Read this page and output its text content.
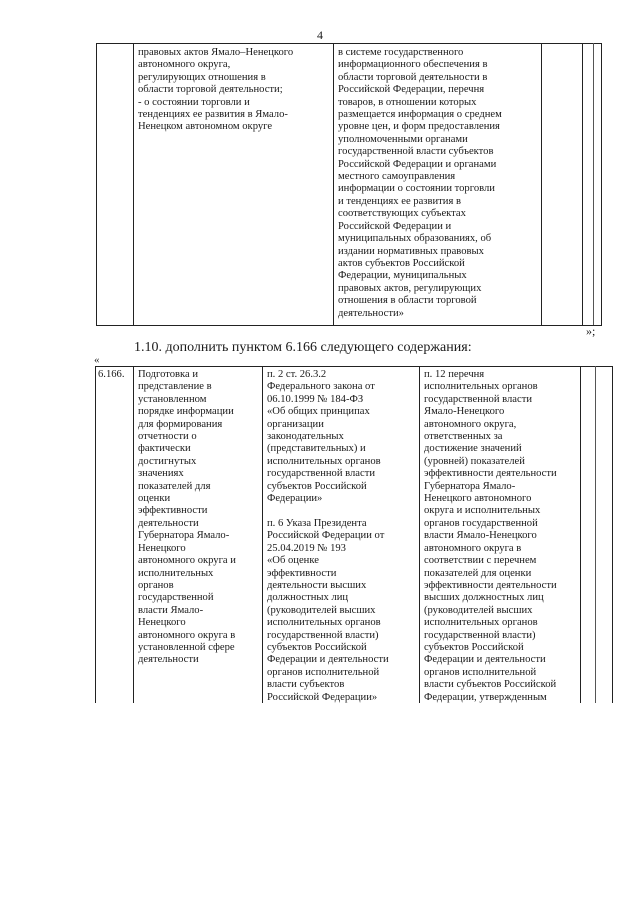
4

правовых актов Ямало–Ненецкого
автономного округа,
регулирующих отношения в
области торговой деятельности;
- о состоянии торговли и
тенденциях ее развития в Ямало-
Ненецком автономном округе

в системе государственного
информационного обеспечения в
области торговой деятельности в
Российской Федерации, перечня
товаров, в отношении которых
размещается информация о среднем
уровне цен, и форм предоставления
уполномоченными органами
государственной власти субъектов
Российской Федерации и органами
местного самоуправления
информации о состоянии торговли
и тенденциях ее развития в
соответствующих субъектах
Российской Федерации и
муниципальных образованиях, об
издании нормативных правовых
актов субъектов Российской
Федерации, муниципальных
правовых актов, регулирующих
отношения в области торговой
деятельности»

»;
1.10. дополнить пунктом 6.166 следующего содержания:
«

6.166.	Подготовка и
представление в
установленном
порядке информации
для формирования
отчетности о
фактически
достигнутых
значениях
показателей для
оценки
эффективности
деятельности
Губернатора Ямало-
Ненецкого
автономного округа и
исполнительных
органов
государственной
власти Ямало-
Ненецкого
автономного округа в
установленной сфере
деятельности

п. 2 ст. 26.3.2
Федерального закона от
06.10.1999 № 184-ФЗ
«Об общих принципах
организации
законодательных
(представительных) и
исполнительных органов
государственной власти
субъектов Российской
Федерации»

п. 6 Указа Президента
Российской Федерации от
25.04.2019 № 193
«Об оценке
эффективности
деятельности высших
должностных лиц
(руководителей высших
исполнительных органов
государственной власти)
субъектов Российской
Федерации и деятельности
органов исполнительной
власти субъектов
Российской Федерации»

п. 12 перечня
исполнительных органов
государственной власти
Ямало-Ненецкого
автономного округа,
ответственных за
достижение значений
(уровней) показателей
эффективности деятельности
Губернатора Ямало-
Ненецкого автономного
округа и исполнительных
органов государственной
власти Ямало-Ненецкого
автономного округа в
соответствии с перечнем
показателей для оценки
эффективности деятельности
высших должностных лиц
(руководителей высших
исполнительных органов
государственной власти)
субъектов Российской
Федерации и деятельности
органов исполнительной
власти субъектов Российской
Федерации, утвержденным
